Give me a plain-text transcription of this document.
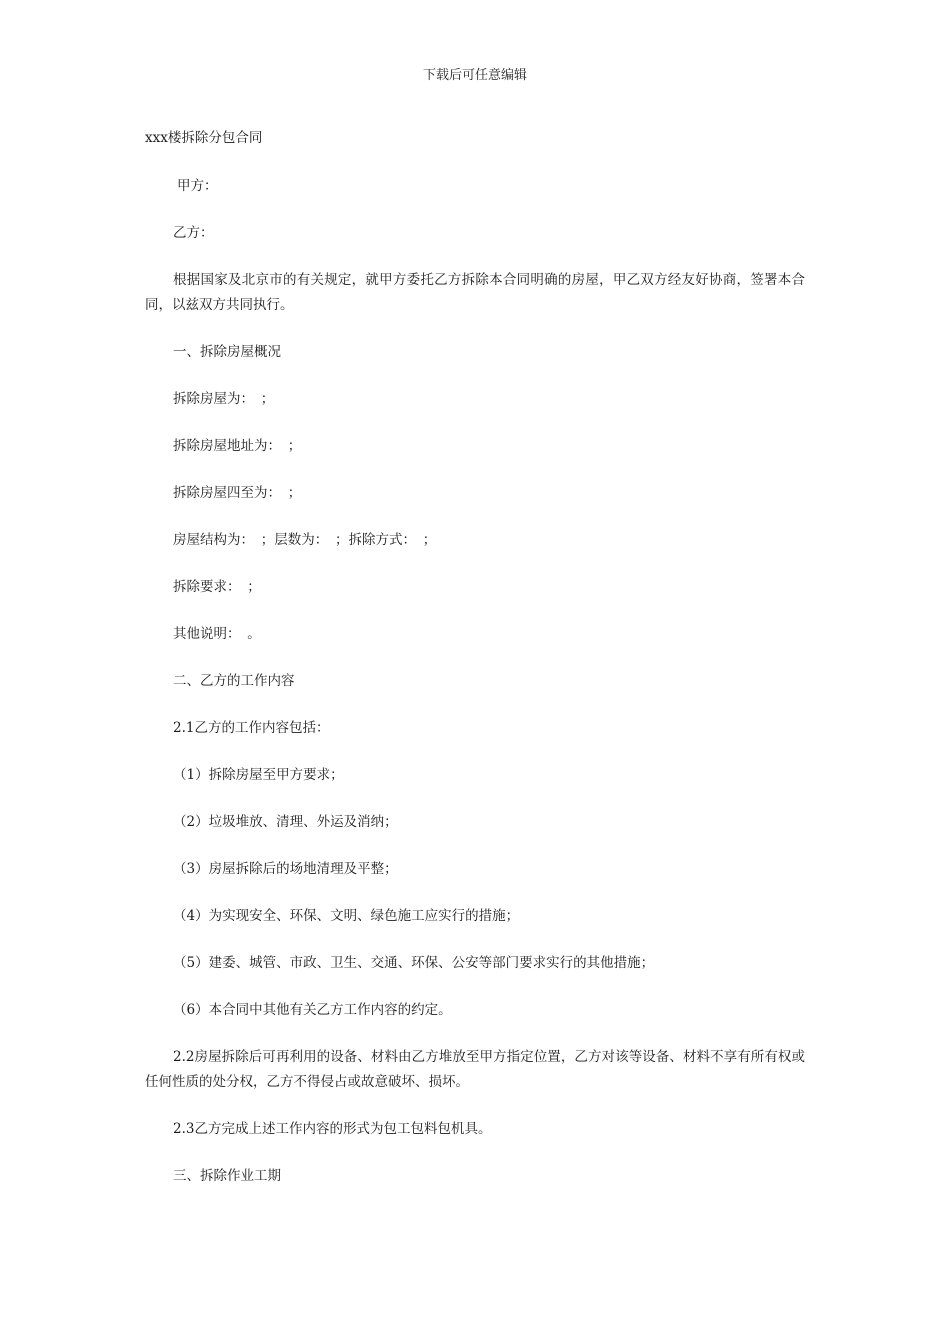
下载后可任意编辑
xxx楼拆除分包合同

甲方：

乙方：

根据国家及北京市的有关规定，就甲方委托乙方拆除本合同明确的房屋，甲乙双方经友好协商，签署本合同，以兹双方共同执行。

一、拆除房屋概况

拆除房屋为：　；

拆除房屋地址为：　；

拆除房屋四至为：　；

房屋结构为：　；层数为：　；拆除方式：　；

拆除要求：　；

其他说明：　。

二、乙方的工作内容

2.1乙方的工作内容包括：

（1）拆除房屋至甲方要求；

（2）垃圾堆放、清理、外运及消纳；

（3）房屋拆除后的场地清理及平整；

（4）为实现安全、环保、文明、绿色施工应实行的措施；

（5）建委、城管、市政、卫生、交通、环保、公安等部门要求实行的其他措施；

（6）本合同中其他有关乙方工作内容的约定。

2.2房屋拆除后可再利用的设备、材料由乙方堆放至甲方指定位置，乙方对该等设备、材料不享有所有权或任何性质的处分权，乙方不得侵占或故意破坏、损坏。

2.3乙方完成上述工作内容的形式为包工包料包机具。

三、拆除作业工期
